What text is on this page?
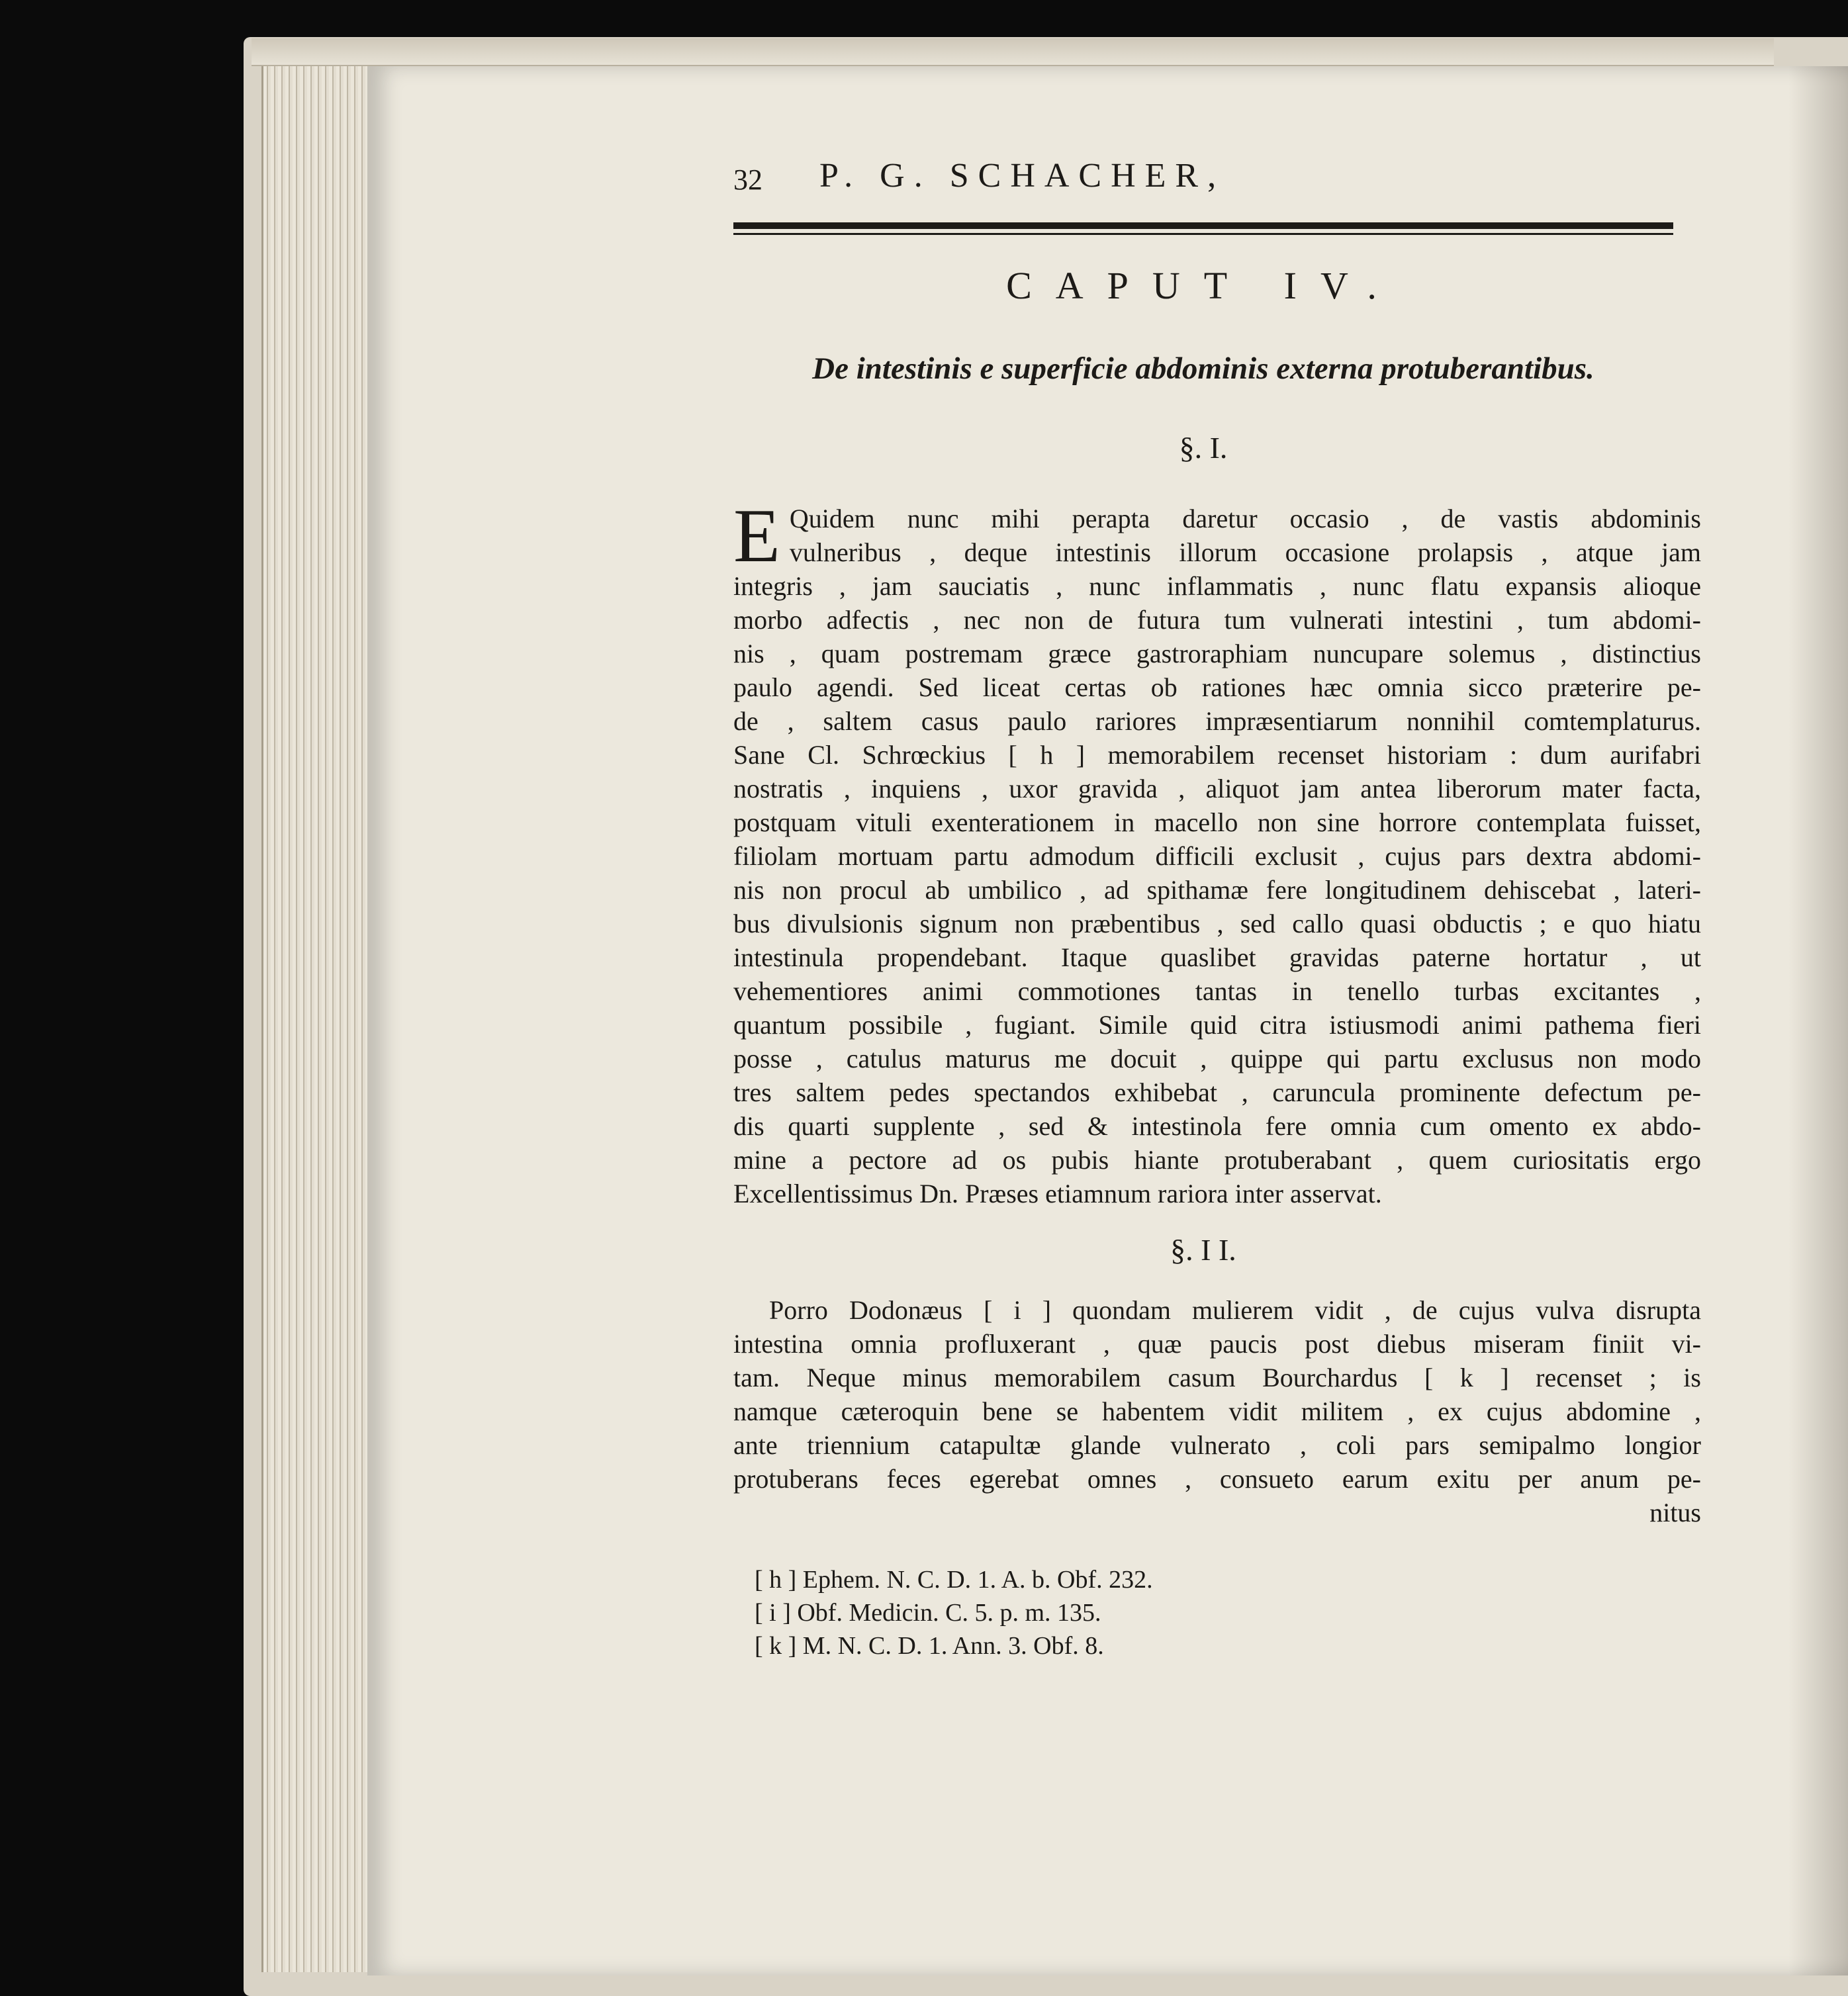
32 P. G. SCHACHER,
CAPUT IV.
De intestinis e superficie abdominis externa protuberantibus.
§. I.
E Quidem nunc mihi perapta daretur occasio , de vastis abdominis
vulneribus , deque intestinis illorum occasione prolapsis , atque jam
integris , jam sauciatis , nunc inflammatis , nunc flatu expansis alioque
morbo adfectis , nec non de futura tum vulnerati intestini , tum abdomi-
nis , quam postremam græce gastroraphiam nuncupare solemus , distinctius
paulo agendi. Sed liceat certas ob rationes hæc omnia sicco præterire pe-
de , saltem casus paulo rariores impræsentiarum nonnihil comtemplaturus.
Sane Cl. Schrœckius [ h ] memorabilem recenset historiam : dum aurifabri
nostratis , inquiens , uxor gravida , aliquot jam antea liberorum mater facta,
postquam vituli exenterationem in macello non sine horrore contemplata fuisset,
filiolam mortuam partu admodum difficili exclusit , cujus pars dextra abdomi-
nis non procul ab umbilico , ad spithamæ fere longitudinem dehiscebat , lateri-
bus divulsionis signum non præbentibus , sed callo quasi obductis ; e quo hiatu
intestinula propendebant. Itaque quaslibet gravidas paterne hortatur , ut
vehementiores animi commotiones tantas in tenello turbas excitantes ,
quantum possibile , fugiant. Simile quid citra istiusmodi animi pathema fieri
posse , catulus maturus me docuit , quippe qui partu exclusus non modo
tres saltem pedes spectandos exhibebat , caruncula prominente defectum pe-
dis quarti supplente , sed & intestinola fere omnia cum omento ex abdo-
mine a pectore ad os pubis hiante protuberabant , quem curiositatis ergo
Excellentissimus Dn. Præses etiamnum rariora inter asservat.
§. I I.
Porro Dodonæus [ i ] quondam mulierem vidit , de cujus vulva disrupta
intestina omnia profluxerant , quæ paucis post diebus miseram finiit vi-
tam. Neque minus memorabilem casum Bourchardus [ k ] recenset ; is
namque cæteroquin bene se habentem vidit militem , ex cujus abdomine ,
ante triennium catapultæ glande vulnerato , coli pars semipalmo longior
protuberans feces egerebat omnes , consueto earum exitu per anum pe-
nitus
[ h ] Ephem. N. C. D. 1. A. b. Obf. 232.
[ i ] Obf. Medicin. C. 5. p. m. 135.
[ k ] M. N. C. D. 1. Ann. 3. Obf. 8.
